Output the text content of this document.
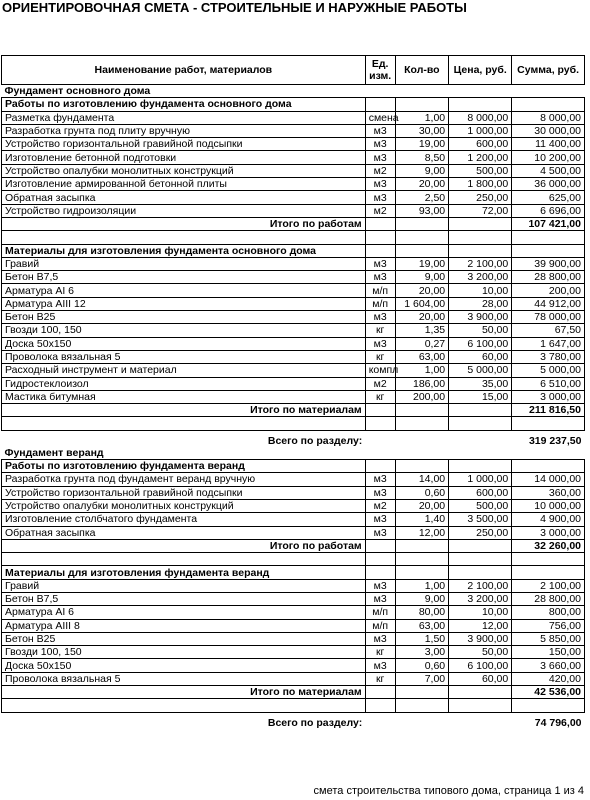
ОРИЕНТИРОВОЧНАЯ СМЕТА - СТРОИТЕЛЬНЫЕ И НАРУЖНЫЕ РАБОТЫ
Наименование работ, материалов	Ед. изм.	Кол-во	Цена, руб.	Сумма, руб.
Фундамент основного дома				
Работы по изготовлению фундамента основного дома				
Разметка фундамента	смена	1,00	8 000,00	8 000,00
Разработка грунта под плиту вручную	м3	30,00	1 000,00	30 000,00
Устройство горизонтальной гравийной подсыпки	м3	19,00	600,00	11 400,00
Изготовление бетонной подготовки	м3	8,50	1 200,00	10 200,00
Устройство опалубки монолитных конструкций	м2	9,00	500,00	4 500,00
Изготовление армированной бетонной плиты	м3	20,00	1 800,00	36 000,00
Обратная засыпка	м3	2,50	250,00	625,00
Устройство гидроизоляции	м2	93,00	72,00	6 696,00
Итого по работам				107 421,00

Материалы для изготовления фундамента основного дома				
Гравий	м3	19,00	2 100,00	39 900,00
Бетон В7,5	м3	9,00	3 200,00	28 800,00
Арматура AI 6	м/п	20,00	10,00	200,00
Арматура AIII 12	м/п	1 604,00	28,00	44 912,00
Бетон В25	м3	20,00	3 900,00	78 000,00
Гвозди 100, 150	кг	1,35	50,00	67,50
Доска 50x150	м3	0,27	6 100,00	1 647,00
Проволока вязальная 5	кг	63,00	60,00	3 780,00
Расходный инструмент и материал	компл	1,00	5 000,00	5 000,00
Гидростеклоизол	м2	186,00	35,00	6 510,00
Мастика битумная	кг	200,00	15,00	3 000,00
Итого по материалам				211 816,50

Всего по разделу:				319 237,50
Фундамент веранд				
Работы по изготовлению фундамента веранд				
Разработка грунта под фундамент веранд вручную	м3	14,00	1 000,00	14 000,00
Устройство горизонтальной гравийной подсыпки	м3	0,60	600,00	360,00
Устройство опалубки монолитных конструкций	м2	20,00	500,00	10 000,00
Изготовление столбчатого фундамента	м3	1,40	3 500,00	4 900,00
Обратная засыпка	м3	12,00	250,00	3 000,00
Итого по работам				32 260,00

Материалы для изготовления фундамента веранд				
Гравий	м3	1,00	2 100,00	2 100,00
Бетон В7,5	м3	9,00	3 200,00	28 800,00
Арматура AI 6	м/п	80,00	10,00	800,00
Арматура AIII 8	м/п	63,00	12,00	756,00
Бетон В25	м3	1,50	3 900,00	5 850,00
Гвозди 100, 150	кг	3,00	50,00	150,00
Доска 50x150	м3	0,60	6 100,00	3 660,00
Проволока вязальная 5	кг	7,00	60,00	420,00
Итого по материалам				42 536,00

Всего по разделу:				74 796,00
смета строительства типового дома, страница 1 из 4
